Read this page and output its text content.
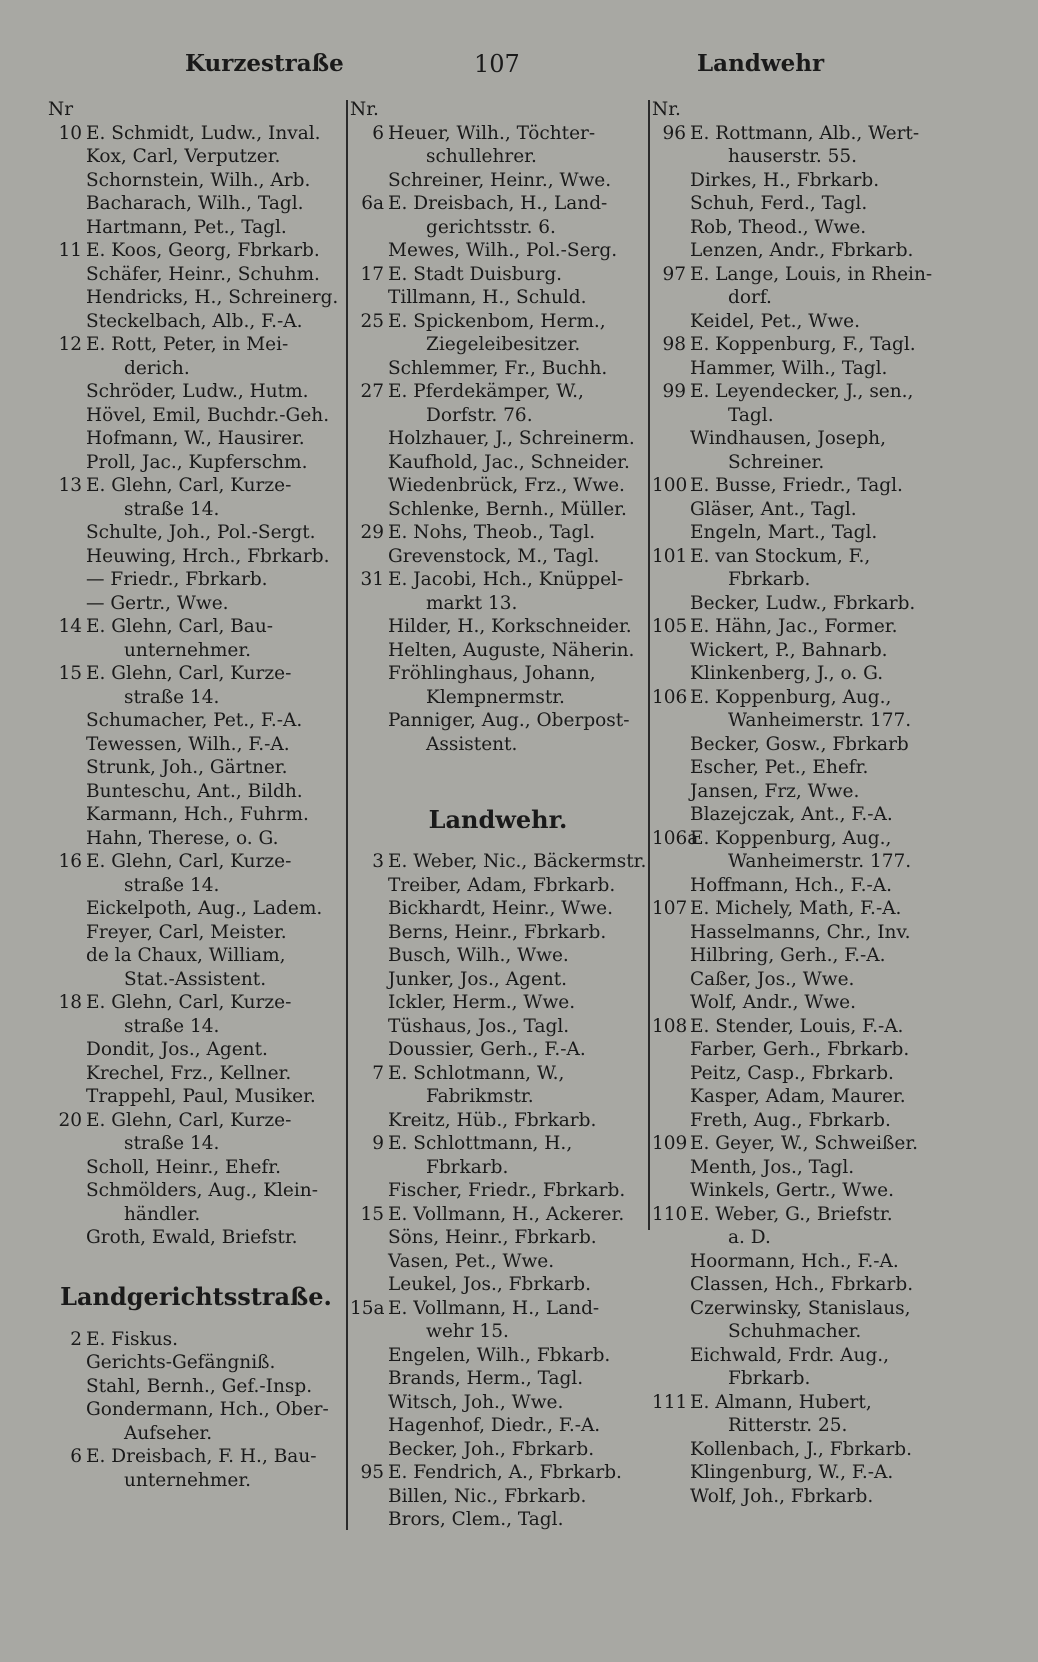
Kurzestraße	107	Landwehr
Nr
10 E. Schmidt, Ludw., Inval.
Kox, Carl, Verputzer.
Schornstein, Wilh., Arb.
Bacharach, Wilh., Tagl.
Hartmann, Pet., Tagl.
11 E. Koos, Georg, Fbrkarb.
Schäfer, Heinr., Schuhm.
Hendricks, H., Schreinerg.
Steckelbach, Alb., F.-A.
12 E. Rott, Peter, in Mei-
derich.
Schröder, Ludw., Hutm.
Hövel, Emil, Buchdr.-Geh.
Hofmann, W., Hausirer.
Proll, Jac., Kupferschm.
13 E. Glehn, Carl, Kurze-
straße 14.
Schulte, Joh., Pol.-Sergt.
Heuwing, Hrch., Fbrkarb.
— Friedr., Fbrkarb.
— Gertr., Wwe.
14 E. Glehn, Carl, Bau-
unternehmer.
15 E. Glehn, Carl, Kurze-
straße 14.
Schumacher, Pet., F.-A.
Tewessen, Wilh., F.-A.
Strunk, Joh., Gärtner.
Bunteschu, Ant., Bildh.
Karmann, Hch., Fuhrm.
Hahn, Therese, o. G.
16 E. Glehn, Carl, Kurze-
straße 14.
Eickelpoth, Aug., Ladem.
Freyer, Carl, Meister.
de la Chaux, William,
Stat.-Assistent.
18 E. Glehn, Carl, Kurze-
straße 14.
Dondit, Jos., Agent.
Krechel, Frz., Kellner.
Trappehl, Paul, Musiker.
20 E. Glehn, Carl, Kurze-
straße 14.
Scholl, Heinr., Ehefr.
Schmölders, Aug., Klein-
händler.
Groth, Ewald, Briefstr.
Landgerichtsstraße.
2 E. Fiskus.
Gerichts-Gefängniß.
Stahl, Bernh., Gef.-Insp.
Gondermann, Hch., Ober-
Aufseher.
6 E. Dreisbach, F. H., Bau-
unternehmer.
Nr.
6 Heuer, Wilh., Töchter-
schullehrer.
Schreiner, Heinr., Wwe.
6a E. Dreisbach, H., Land-
gerichtsstr. 6.
Mewes, Wilh., Pol.-Serg.
17 E. Stadt Duisburg.
Tillmann, H., Schuld.
25 E. Spickenbom, Herm.,
Ziegeleibesitzer.
Schlemmer, Fr., Buchh.
27 E. Pferdekämper, W.,
Dorfstr. 76.
Holzhauer, J., Schreinerm.
Kaufhold, Jac., Schneider.
Wiedenbrück, Frz., Wwe.
Schlenke, Bernh., Müller.
29 E. Nohs, Theob., Tagl.
Grevenstock, M., Tagl.
31 E. Jacobi, Hch., Knüppel-
markt 13.
Hilder, H., Korkschneider.
Helten, Auguste, Näherin.
Fröhlinghaus, Johann,
Klempnermstr.
Panniger, Aug., Oberpost-
Assistent.
Landwehr.
3 E. Weber, Nic., Bäckermstr.
Treiber, Adam, Fbrkarb.
Bickhardt, Heinr., Wwe.
Berns, Heinr., Fbrkarb.
Busch, Wilh., Wwe.
Junker, Jos., Agent.
Ickler, Herm., Wwe.
Tüshaus, Jos., Tagl.
Doussier, Gerh., F.-A.
7 E. Schlotmann, W.,
Fabrikmstr.
Kreitz, Hüb., Fbrkarb.
9 E. Schlottmann, H.,
Fbrkarb.
Fischer, Friedr., Fbrkarb.
15 E. Vollmann, H., Ackerer.
Söns, Heinr., Fbrkarb.
Vasen, Pet., Wwe.
Leukel, Jos., Fbrkarb.
15a E. Vollmann, H., Land-
wehr 15.
Engelen, Wilh., Fbkarb.
Brands, Herm., Tagl.
Witsch, Joh., Wwe.
Hagenhof, Diedr., F.-A.
Becker, Joh., Fbrkarb.
95 E. Fendrich, A., Fbrkarb.
Billen, Nic., Fbrkarb.
Brors, Clem., Tagl.
Nr.
96 E. Rottmann, Alb., Wert-
hauserstr. 55.
Dirkes, H., Fbrkarb.
Schuh, Ferd., Tagl.
Rob, Theod., Wwe.
Lenzen, Andr., Fbrkarb.
97 E. Lange, Louis, in Rhein-
dorf.
Keidel, Pet., Wwe.
98 E. Koppenburg, F., Tagl.
Hammer, Wilh., Tagl.
99 E. Leyendecker, J., sen.,
Tagl.
Windhausen, Joseph,
Schreiner.
100 E. Busse, Friedr., Tagl.
Gläser, Ant., Tagl.
Engeln, Mart., Tagl.
101 E. van Stockum, F.,
Fbrkarb.
Becker, Ludw., Fbrkarb.
105 E. Hähn, Jac., Former.
Wickert, P., Bahnarb.
Klinkenberg, J., o. G.
106 E. Koppenburg, Aug.,
Wanheimerstr. 177.
Becker, Gosw., Fbrkarb
Escher, Pet., Ehefr.
Jansen, Frz, Wwe.
Blazejczak, Ant., F.-A.
106aE. Koppenburg, Aug.,
Wanheimerstr. 177.
Hoffmann, Hch., F.-A.
107 E. Michely, Math, F.-A.
Hasselmanns, Chr., Inv.
Hilbring, Gerh., F.-A.
Caßer, Jos., Wwe.
Wolf, Andr., Wwe.
108 E. Stender, Louis, F.-A.
Farber, Gerh., Fbrkarb.
Peitz, Casp., Fbrkarb.
Kasper, Adam, Maurer.
Freth, Aug., Fbrkarb.
109 E. Geyer, W., Schweißer.
Menth, Jos., Tagl.
Winkels, Gertr., Wwe.
110 E. Weber, G., Briefstr.
a. D.
Hoormann, Hch., F.-A.
Classen, Hch., Fbrkarb.
Czerwinsky, Stanislaus,
Schuhmacher.
Eichwald, Frdr. Aug.,
Fbrkarb.
111 E. Almann, Hubert,
Ritterstr. 25.
Kollenbach, J., Fbrkarb.
Klingenburg, W., F.-A.
Wolf, Joh., Fbrkarb.
